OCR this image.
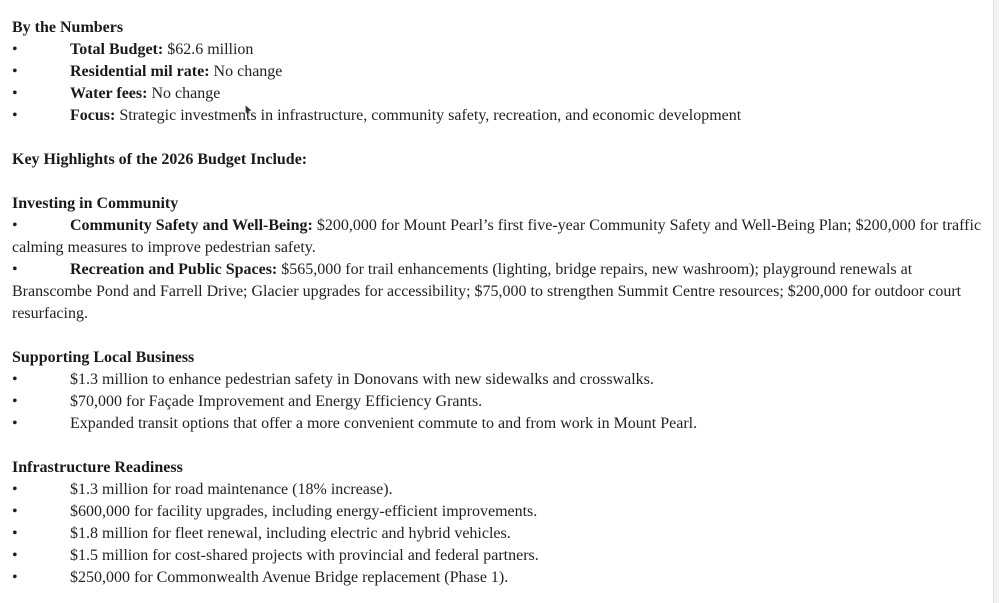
By the Numbers
•	Total Budget: $62.6 million
•	Residential mil rate: No change
•	Water fees: No change
•	Focus: Strategic investments in infrastructure, community safety, recreation, and economic development
Key Highlights of the 2026 Budget Include:
Investing in Community
•	Community Safety and Well-Being: $200,000 for Mount Pearl’s first five-year Community Safety and Well-Being Plan; $200,000 for traffic calming measures to improve pedestrian safety.
•	Recreation and Public Spaces: $565,000 for trail enhancements (lighting, bridge repairs, new washroom); playground renewals at Branscombe Pond and Farrell Drive; Glacier upgrades for accessibility; $75,000 to strengthen Summit Centre resources; $200,000 for outdoor court resurfacing.
Supporting Local Business
•	$1.3 million to enhance pedestrian safety in Donovans with new sidewalks and crosswalks.
•	$70,000 for Façade Improvement and Energy Efficiency Grants.
•	Expanded transit options that offer a more convenient commute to and from work in Mount Pearl.
Infrastructure Readiness
•	$1.3 million for road maintenance (18% increase).
•	$600,000 for facility upgrades, including energy-efficient improvements.
•	$1.8 million for fleet renewal, including electric and hybrid vehicles.
•	$1.5 million for cost-shared projects with provincial and federal partners.
•	$250,000 for Commonwealth Avenue Bridge replacement (Phase 1).
